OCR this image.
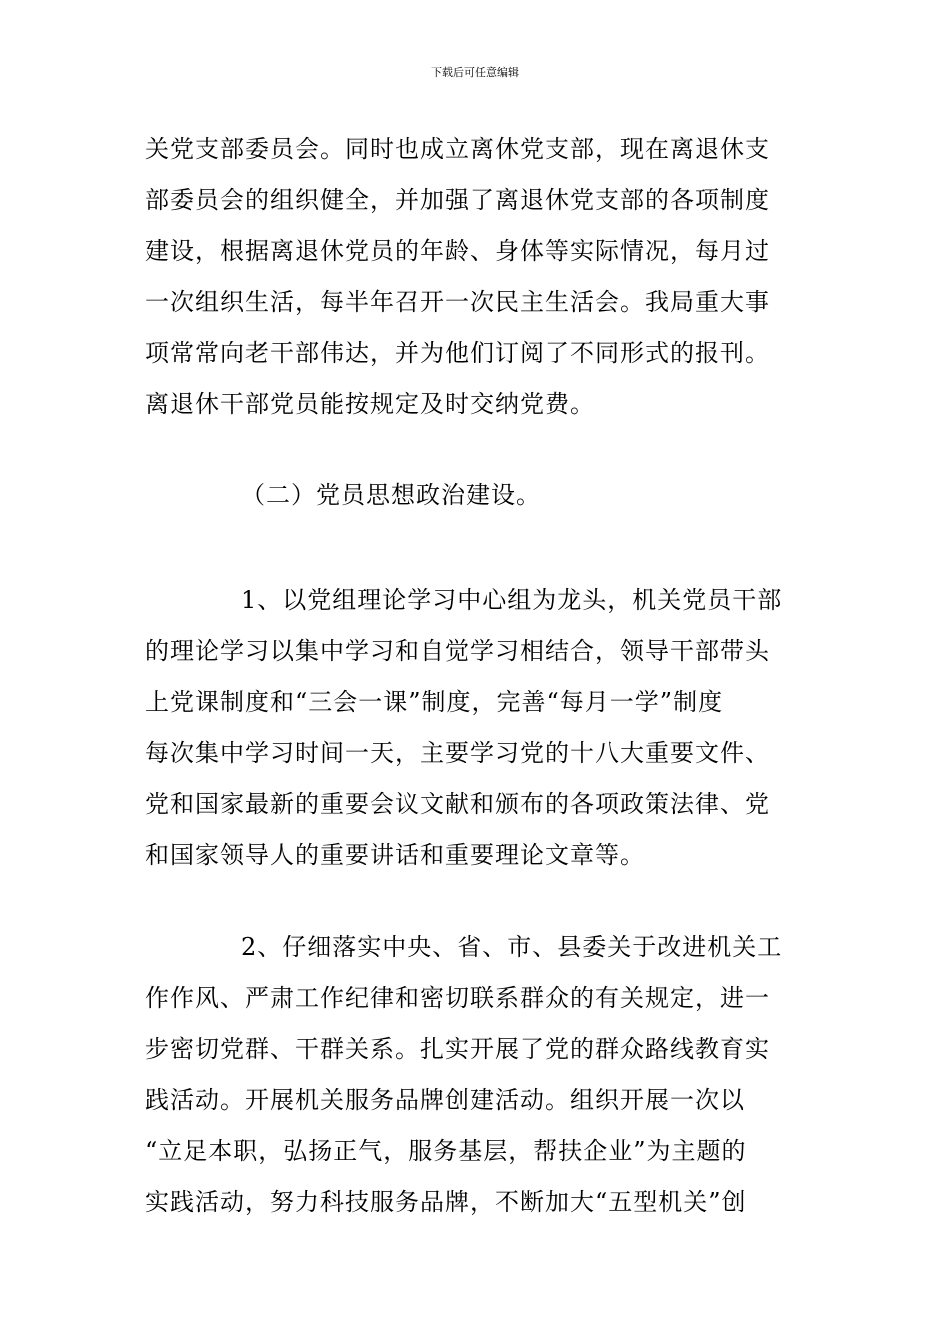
下载后可任意编辑
关党支部委员会。同时也成立离休党支部，现在离退休支
部委员会的组织健全，并加强了离退休党支部的各项制度
建设，根据离退休党员的年龄、身体等实际情况，每月过
一次组织生活，每半年召开一次民主生活会。我局重大事
项常常向老干部伟达，并为他们订阅了不同形式的报刊。
离退休干部党员能按规定及时交纳党费。
（二）党员思想政治建设。
1、以党组理论学习中心组为龙头，机关党员干部
的理论学习以集中学习和自觉学习相结合，领导干部带头
上党课制度和“三会一课”制度，完善“每月一学”制度
每次集中学习时间一天，主要学习党的十八大重要文件、
党和国家最新的重要会议文献和颁布的各项政策法律、党
和国家领导人的重要讲话和重要理论文章等。
2、仔细落实中央、省、市、县委关于改进机关工
作作风、严肃工作纪律和密切联系群众的有关规定，进一
步密切党群、干群关系。扎实开展了党的群众路线教育实
践活动。开展机关服务品牌创建活动。组织开展一次以
“立足本职，弘扬正气，服务基层，帮扶企业”为主题的
实践活动，努力科技服务品牌，不断加大“五型机关”创
